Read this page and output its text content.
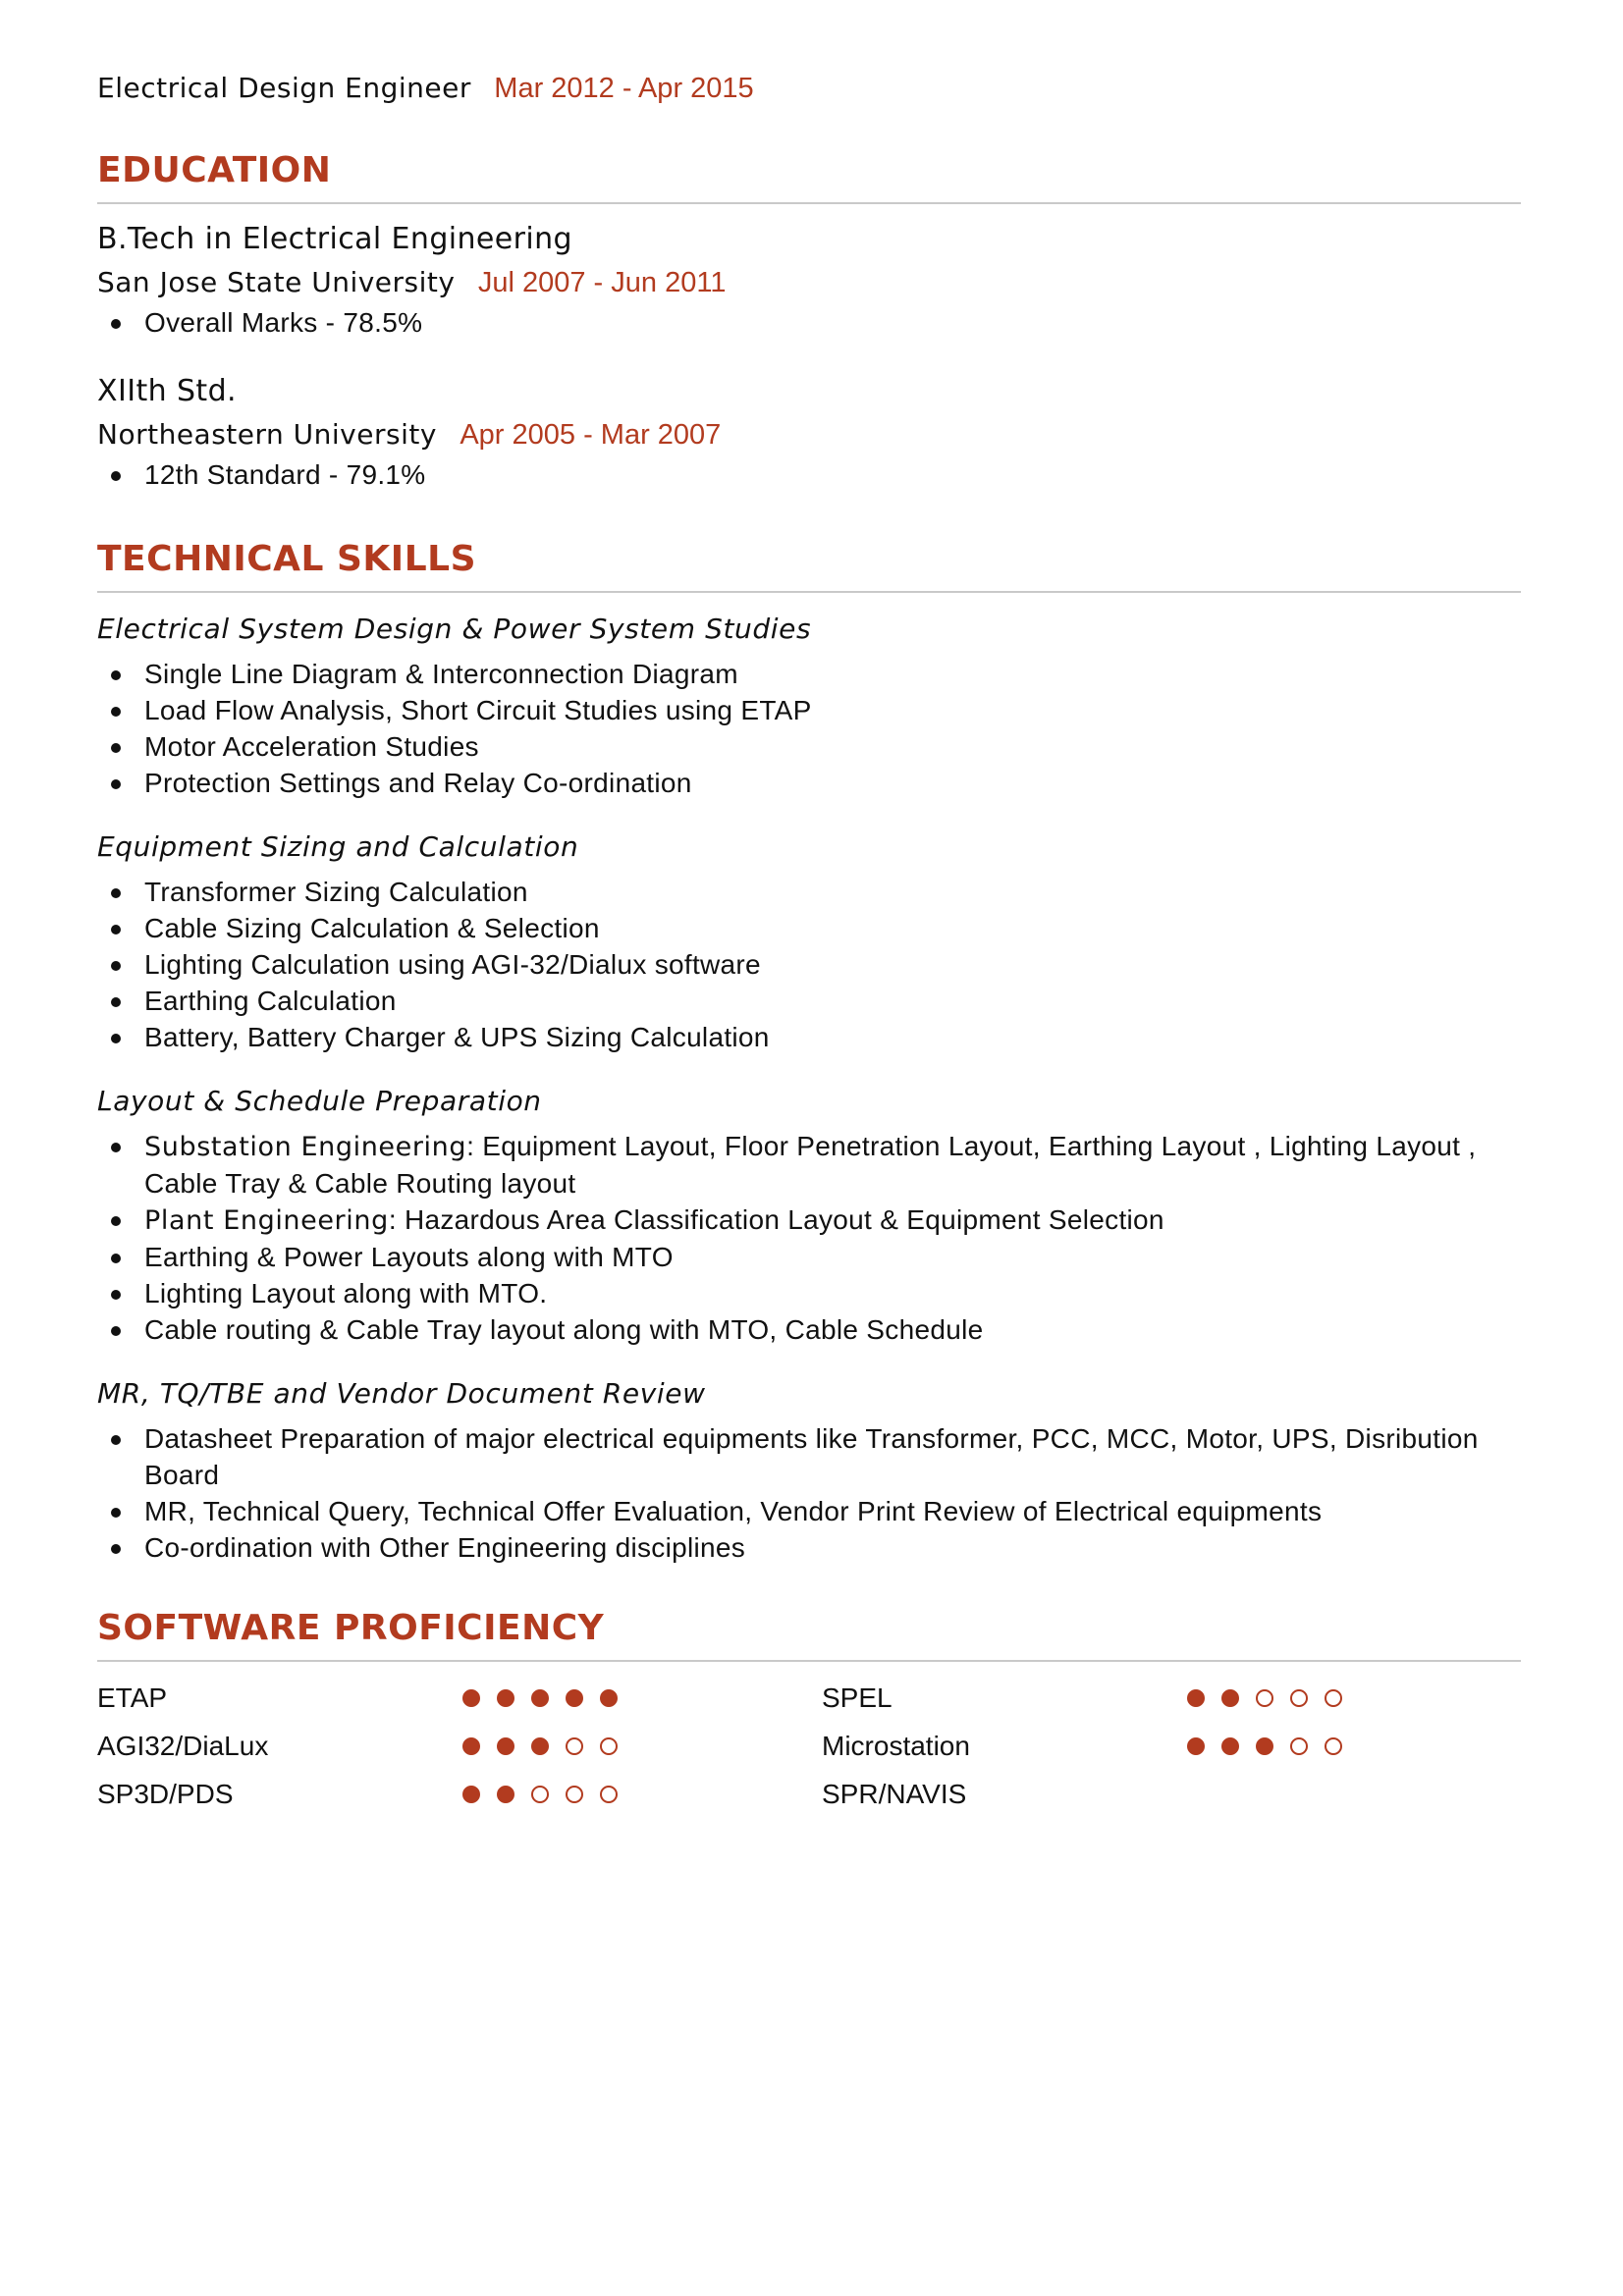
Electrical Design Engineer Mar 2012 - Apr 2015

EDUCATION

B.Tech in Electrical Engineering

San Jose State University Jul 2007 - Jun 2011

Overall Marks - 78.5%

XIIth Std.

Northeastern University Apr 2005 - Mar 2007

12th Standard - 79.1%
TECHNICAL SKILLS

Electrical System Design & Power System Studies

Single Line Diagram & Interconnection Diagram
Load Flow Analysis, Short Circuit Studies using ETAP
Motor Acceleration Studies
Protection Settings and Relay Co-ordination

Equipment Sizing and Calculation

Transformer Sizing Calculation
Cable Sizing Calculation & Selection
Lighting Calculation using AGI-32/Dialux software
Earthing Calculation
Battery, Battery Charger & UPS Sizing Calculation

Layout & Schedule Preparation

Substation Engineering: Equipment Layout, Floor Penetration Layout, Earthing Layout , Lighting Layout , Cable Tray & Cable Routing layout
Plant Engineering: Hazardous Area Classification Layout & Equipment Selection
Earthing & Power Layouts along with MTO
Lighting Layout along with MTO.
Cable routing & Cable Tray layout along with MTO, Cable Schedule

MR, TQ/TBE and Vendor Document Review

Datasheet Preparation of major electrical equipments like Transformer, PCC, MCC, Motor, UPS, Disribution Board
MR, Technical Query, Technical Offer Evaluation, Vendor Print Review of Electrical equipments
Co-ordination with Other Engineering disciplines
SOFTWARE PROFICIENCY
ETAP	SPEL
AGI32/DiaLux	Microstation
SP3D/PDS	SPR/NAVIS
